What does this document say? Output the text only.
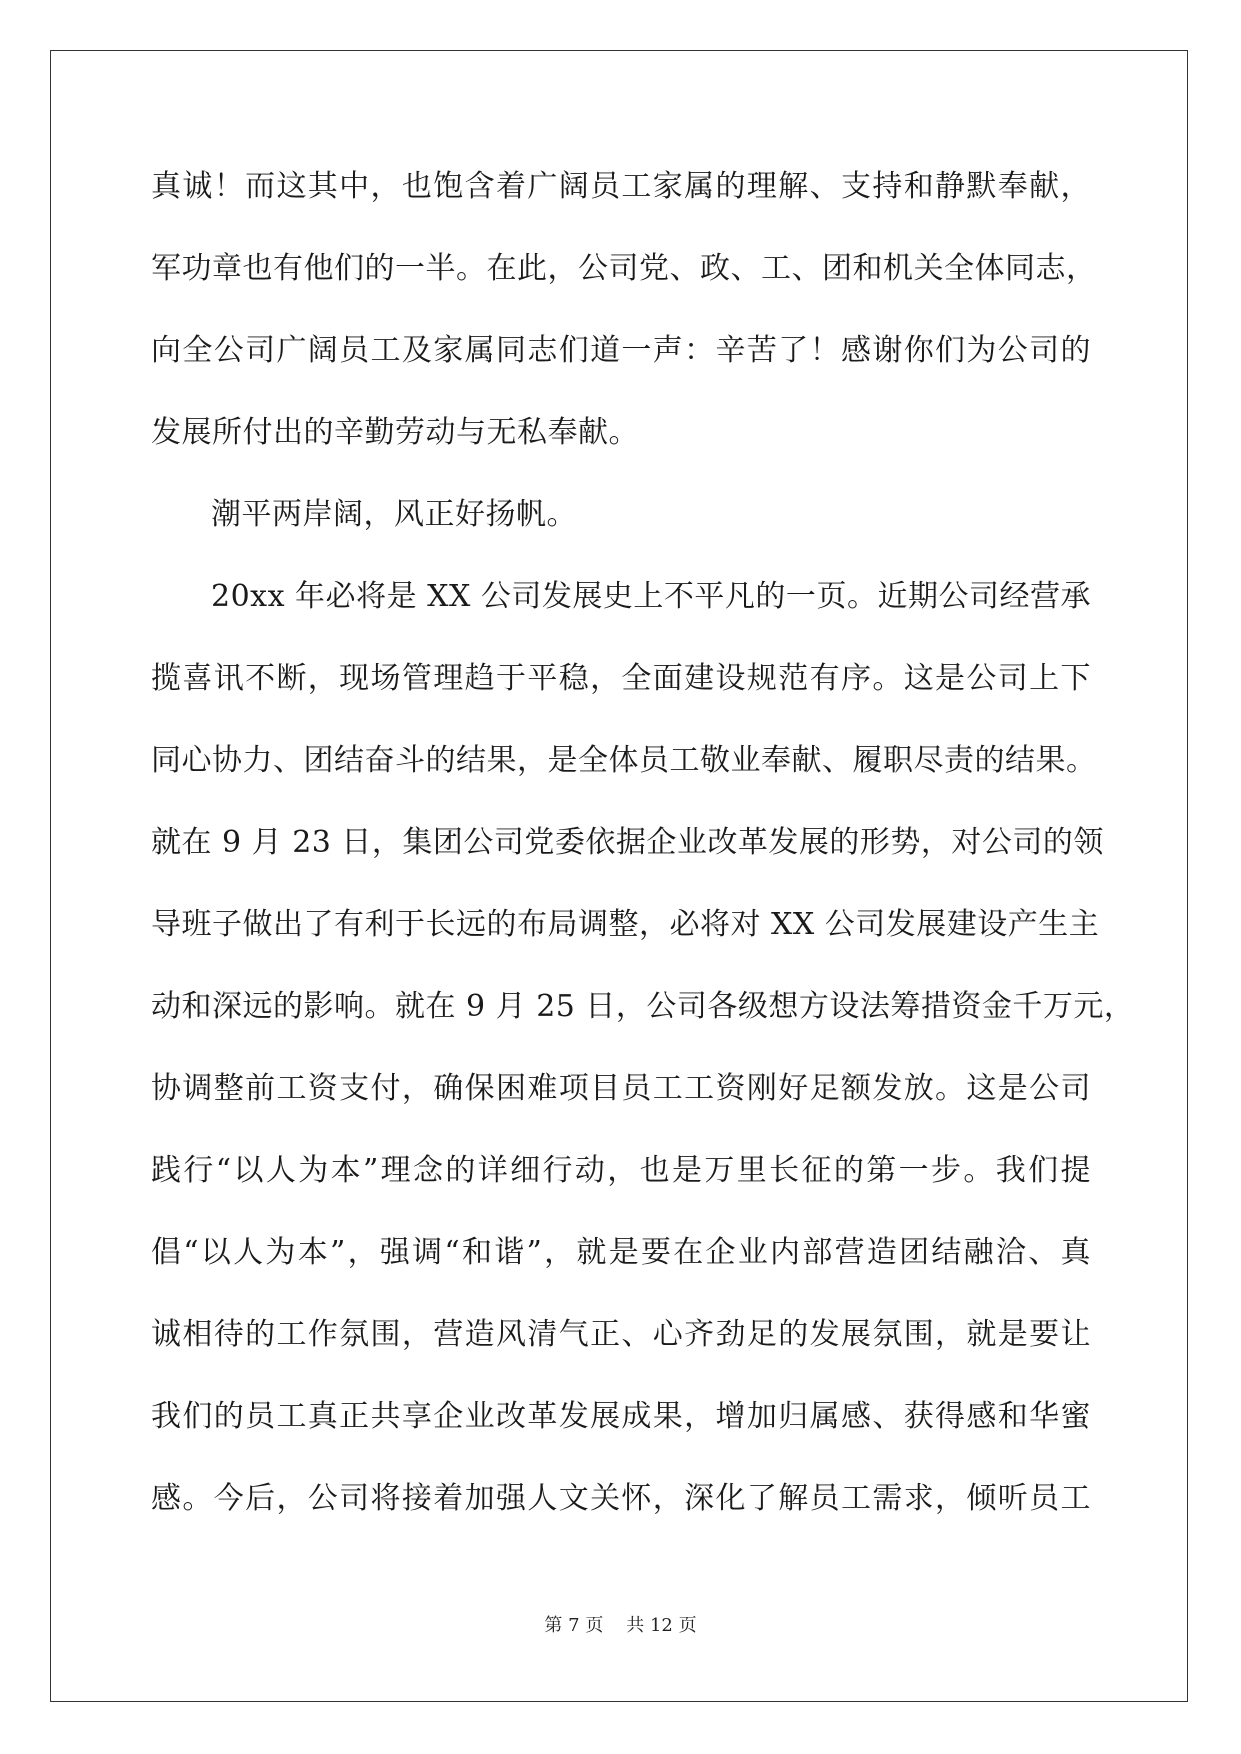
真诚！而这其中，也饱含着广阔员工家属的理解、支持和静默奉献，
军功章也有他们的一半。在此，公司党、政、工、团和机关全体同志，
向全公司广阔员工及家属同志们道一声：辛苦了！感谢你们为公司的
发展所付出的辛勤劳动与无私奉献。
潮平两岸阔，风正好扬帆。
20xx 年必将是 XX 公司发展史上不平凡的一页。近期公司经营承
揽喜讯不断，现场管理趋于平稳，全面建设规范有序。这是公司上下
同心协力、团结奋斗的结果，是全体员工敬业奉献、履职尽责的结果。
就在 9 月 23 日，集团公司党委依据企业改革发展的形势，对公司的领
导班子做出了有利于长远的布局调整，必将对 XX 公司发展建设产生主
动和深远的影响。就在 9 月 25 日，公司各级想方设法筹措资金千万元，
协调整前工资支付，确保困难项目员工工资刚好足额发放。这是公司
践行“以人为本”理念的详细行动，也是万里长征的第一步。我们提
倡“以人为本”，强调“和谐”，就是要在企业内部营造团结融洽、真
诚相待的工作氛围，营造风清气正、心齐劲足的发展氛围，就是要让
我们的员工真正共享企业改革发展成果，增加归属感、获得感和华蜜
感。今后，公司将接着加强人文关怀，深化了解员工需求，倾听员工
第 7 页 共 12 页
